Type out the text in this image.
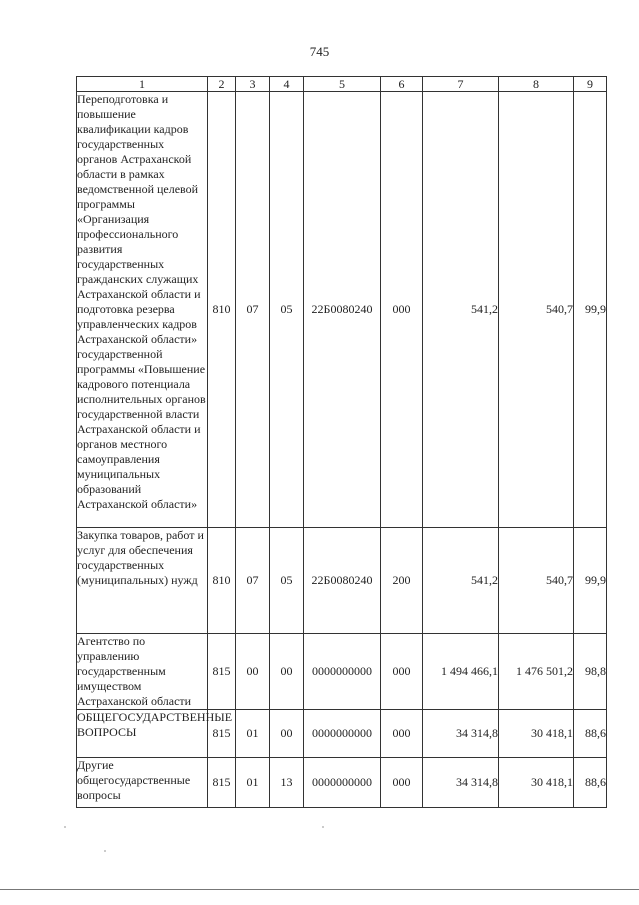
745
1	2	3	4	5	6	7	8	9
Переподготовка и повышение квалификации кадров государственных органов Астраханской области в рамках ведомственной целевой программы «Организация профессионального развития государственных гражданских служащих Астраханской области и подготовка резерва управленческих кадров Астраханской области» государственной программы «Повышение кадрового потенциала исполнительных органов государственной власти Астраханской области и органов местного самоуправления муниципальных образований Астраханской области»	810	07	05	22Б0080240	000	541,2	540,7	99,9
Закупка товаров, работ и услуг для обеспечения государственных (муниципальных) нужд	810	07	05	22Б0080240	200	541,2	540,7	99,9
Агентство по управлению государственным имуществом Астраханской области	815	00	00	0000000000	000	1 494 466,1	1 476 501,2	98,8
ОБЩЕГОСУДАРСТВЕННЫЕ ВОПРОСЫ	815	01	00	0000000000	000	34 314,8	30 418,1	88,6
Другие общегосударственные вопросы	815	01	13	0000000000	000	34 314,8	30 418,1	88,6
